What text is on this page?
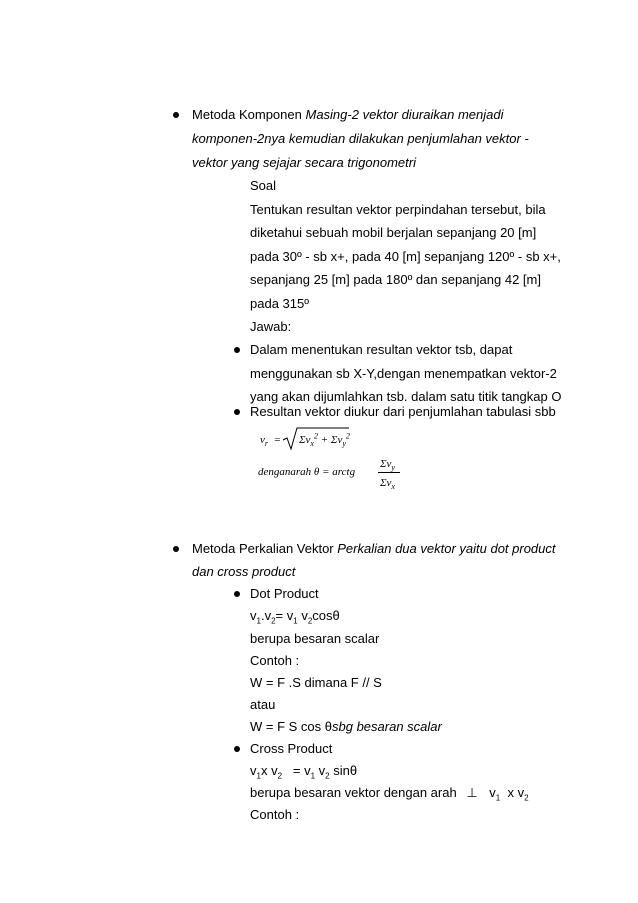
Metoda Komponen Masing-2 vektor diuraikan menjadi
komponen-2nya kemudian dilakukan penjumlahan vektor -
vektor yang sejajar secara trigonometri
Soal
Tentukan resultan vektor perpindahan tersebut, bila
diketahui sebuah mobil berjalan sepanjang 20 [m]
pada 30º - sb x+, pada 40 [m] sepanjang 120º - sb x+,
sepanjang 25 [m] pada 180º dan sepanjang 42 [m]
pada 315º
Jawab:
Dalam menentukan resultan vektor tsb, dapat
menggunakan sb X-Y,dengan menempatkan vektor-2
yang akan dijumlahkan tsb. dalam satu titik tangkap O
Resultan vektor diukur dari penjumlahan tabulasi sbb
$v_r = \Sigma v_x^2 + \Sigma v_y^2$
denganarah θ = arctg
$\Sigma v_y$
$\Sigma v_x$
Metoda Perkalian Vektor Perkalian dua vektor yaitu dot product
dan cross product
Dot Product
$v_1.v_2= v_1$ $v_2\cos\theta$
berupa besaran scalar
Contoh :
W = F .S dimana F // S
atau
W = F S cos θsbg besaran scalar
Cross Product
$v_1x$ $v_2 = v_1$ $v_2$ sinθ
berupa besaran vektor dengan arah ⊥ $v_1$  x $v_2$
Contoh :
